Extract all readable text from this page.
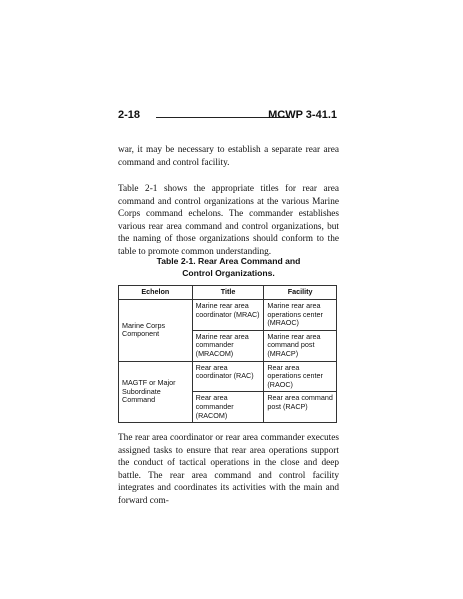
2-18	MCWP 3-41.1
war, it may be necessary to establish a separate rear area command and control facility.
Table 2-1 shows the appropriate titles for rear area command and control organizations at the various Marine Corps command echelons. The commander establishes various rear area command and control organizations, but the naming of those organizations should conform to the table to promote common understanding.
Table 2-1. Rear Area Command and
Control Organizations.
Echelon	Title	Facility
Marine Corps Component	Marine rear area coordinator (MRAC)	Marine rear area operations center (MRAOC)
	Marine rear area commander (MRACOM)	Marine rear area command post (MRACP)
MAGTF or Major Subordinate Command	Rear area coordinator (RAC)	Rear area operations center (RAOC)
	Rear area commander (RACOM)	Rear area command post (RACP)
The rear area coordinator or rear area commander executes assigned tasks to ensure that rear area operations support the conduct of tactical operations in the close and deep battle. The rear area command and control facility integrates and coordinates its activities with the main and forward com-
